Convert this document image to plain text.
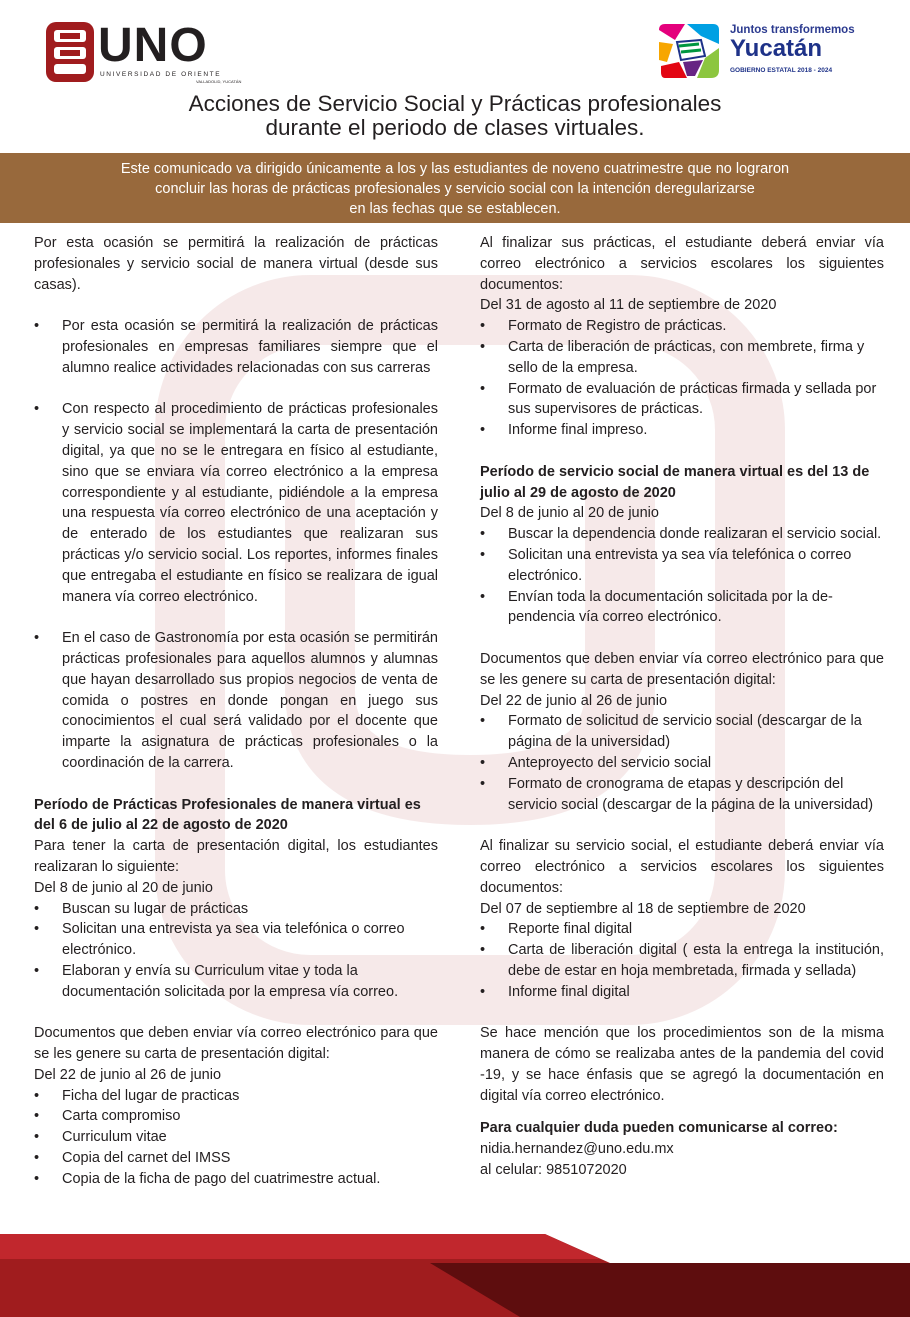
UNO
UNIVERSIDAD DE ORIENTE
VALLADOLID, YUCATÁN
Juntos transformemos
Yucatán
GOBIERNO ESTATAL 2018 - 2024
Acciones de Servicio Social y Prácticas profesionales
durante el periodo de clases virtuales.
Este comunicado va dirigido únicamente a los y las estudiantes de noveno cuatrimestre que no lograron
concluir las horas de prácticas profesionales y servicio social con la intención deregularizarse
en las fechas que se establecen.

Por esta ocasión se permitirá la realización de prácticas profesionales y servicio social de manera virtual (desde sus casas).

•	Por esta ocasión se permitirá la realización de prácticas profesionales en empresas familiares siempre que el alumno realice actividades relacionadas con sus carreras

•	Con respecto al procedimiento de prácticas profesionales y servicio social se implementará la carta de presentación digital, ya que no se le entregara en físico al estudiante, sino que se enviara vía correo electrónico a la empresa correspondiente y al estudiante, pidiéndole a la empresa una respuesta vía correo electrónico de una aceptación y de enterado de los estudiantes que realizaran sus prácticas y/o servicio social. Los reportes, informes finales que entregaba el estudiante en físico se realizara de igual manera vía correo electrónico.

•	En el caso de Gastronomía por esta ocasión se permitirán prácticas profesionales para aquellos alumnos y alumnas que hayan desarrollado sus propios negocios de venta de comida o postres en donde pongan en juego sus conocimientos el cual será validado por el docente que imparte la asignatura de prácticas profesionales o la coordinación de la carrera.

Período de Prácticas Profesionales de manera virtual es del 6 de julio al 22 de agosto de 2020

Para tener la carta de presentación digital, los estudiantes realizaran lo siguiente:

Del 8 de junio al 20 de junio

•	Buscan su lugar de prácticas
•	Solicitan una entrevista ya sea via telefónica o correo electrónico.
•	Elaboran y envía su Curriculum vitae y toda la documentación solicitada por la empresa vía correo.

Documentos que deben enviar vía correo electrónico para que se les genere su carta de presentación digital:

Del 22 de junio al 26 de junio

•	Ficha del lugar de practicas
•	Carta compromiso
•	Curriculum vitae
•	Copia del carnet del IMSS
•	Copia de la ficha de pago del cuatrimestre actual.

Al finalizar sus prácticas, el estudiante deberá enviar vía correo electrónico a servicios escolares los siguientes documentos:

Del 31 de agosto al 11 de septiembre de 2020

•	Formato de Registro de prácticas.
•	Carta de liberación de prácticas, con membrete, firma y sello de la empresa.
•	Formato de evaluación de prácticas firmada y sellada por sus supervisores de prácticas.
•	Informe final impreso.

Período de servicio social de manera virtual es del 13 de julio al 29 de agosto de 2020

Del 8 de junio al 20 de junio

•	Buscar la dependencia donde realizaran el servicio social.
•	Solicitan una entrevista ya sea vía telefónica o correo electrónico.
•	Envían toda la documentación solicitada por la dependencia vía correo electrónico.

Documentos que deben enviar vía correo electrónico para que se les genere su carta de presentación digital:

Del 22 de junio al 26 de junio

•	Formato de solicitud de servicio social (descargar de la página de la universidad)
•	Anteproyecto del servicio social
•	Formato de cronograma de etapas y descripción del servicio social (descargar de la página de la universidad)

Al finalizar su servicio social, el estudiante deberá enviar vía correo electrónico a servicios escolares los siguientes documentos:

Del 07 de septiembre al 18 de septiembre de 2020

•	Reporte final digital
•	Carta de liberación digital ( esta la entrega la institución, debe de estar en hoja membretada, firmada y sellada)
•	Informe final digital

Se hace mención que los procedimientos son de la misma manera de cómo se realizaba antes de la pandemia del covid -19, y se hace énfasis que se agregó la documentación en digital vía correo electrónico.

Para cualquier duda pueden comunicarse al correo:

nidia.hernandez@uno.edu.mx

al celular: 9851072020
